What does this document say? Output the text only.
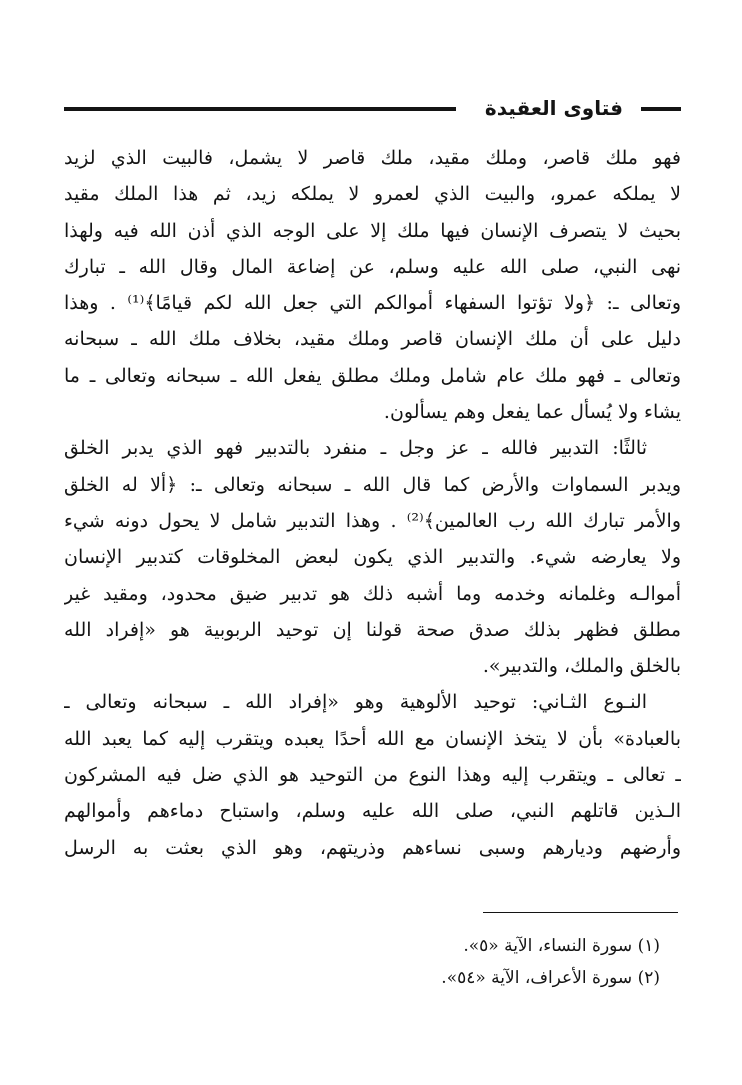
فتاوى العقيدة
فهو ملك قاصر، وملك مقيد، ملك قاصر لا يشمل، فالبيت الذي لزيد
لا يملكه عمرو، والبيت الذي لعمرو لا يملكه زيد، ثم هذا الملك مقيد
بحيث لا يتصرف الإنسان فيها ملك إلا على الوجه الذي أذن الله فيه ولهذا
نهى النبي، صلى الله عليه وسلم، عن إضاعة المال وقال الله ـ تبارك
وتعالى ـ: ﴿ولا تؤتوا السفهاء أموالكم التي جعل الله لكم قيامًا﴾⁽¹⁾ . وهذا
دليل على أن ملك الإنسان قاصر وملك مقيد، بخلاف ملك الله ـ سبحانه
وتعالى ـ فهو ملك عام شامل وملك مطلق يفعل الله ـ سبحانه وتعالى ـ ما
يشاء ولا يُسأل عما يفعل وهم يسألون.
ثالثًا: التدبير فالله ـ عز وجل ـ منفرد بالتدبير فهو الذي يدبر الخلق
ويدبر السماوات والأرض كما قال الله ـ سبحانه وتعالى ـ: ﴿ألا له الخلق
والأمر تبارك الله رب العالمين﴾⁽²⁾ . وهذا التدبير شامل لا يحول دونه شيء
ولا يعارضه شيء. والتدبير الذي يكون لبعض المخلوقات كتدبير الإنسان
أموالـه وغلمانه وخدمه وما أشبه ذلك هو تدبير ضيق محدود، ومقيد غير
مطلق فظهر بذلك صدق صحة قولنا إن توحيد الربوبية هو «إفراد الله
بالخلق والملك، والتدبير».
النـوع الثـاني: توحيد الألوهية وهو «إفراد الله ـ سبحانه وتعالى ـ
بالعبادة» بأن لا يتخذ الإنسان مع الله أحدًا يعبده ويتقرب إليه كما يعبد الله
ـ تعالى ـ ويتقرب إليه وهذا النوع من التوحيد هو الذي ضل فيه المشركون
الـذين قاتلهم النبي، صلى الله عليه وسلم، واستباح دماءهم وأموالهم
وأرضهم وديارهم وسبى نساءهم وذريتهم، وهو الذي بعثت به الرسل
(١) سورة النساء، الآية «٥».
(٢) سورة الأعراف، الآية «٥٤».
